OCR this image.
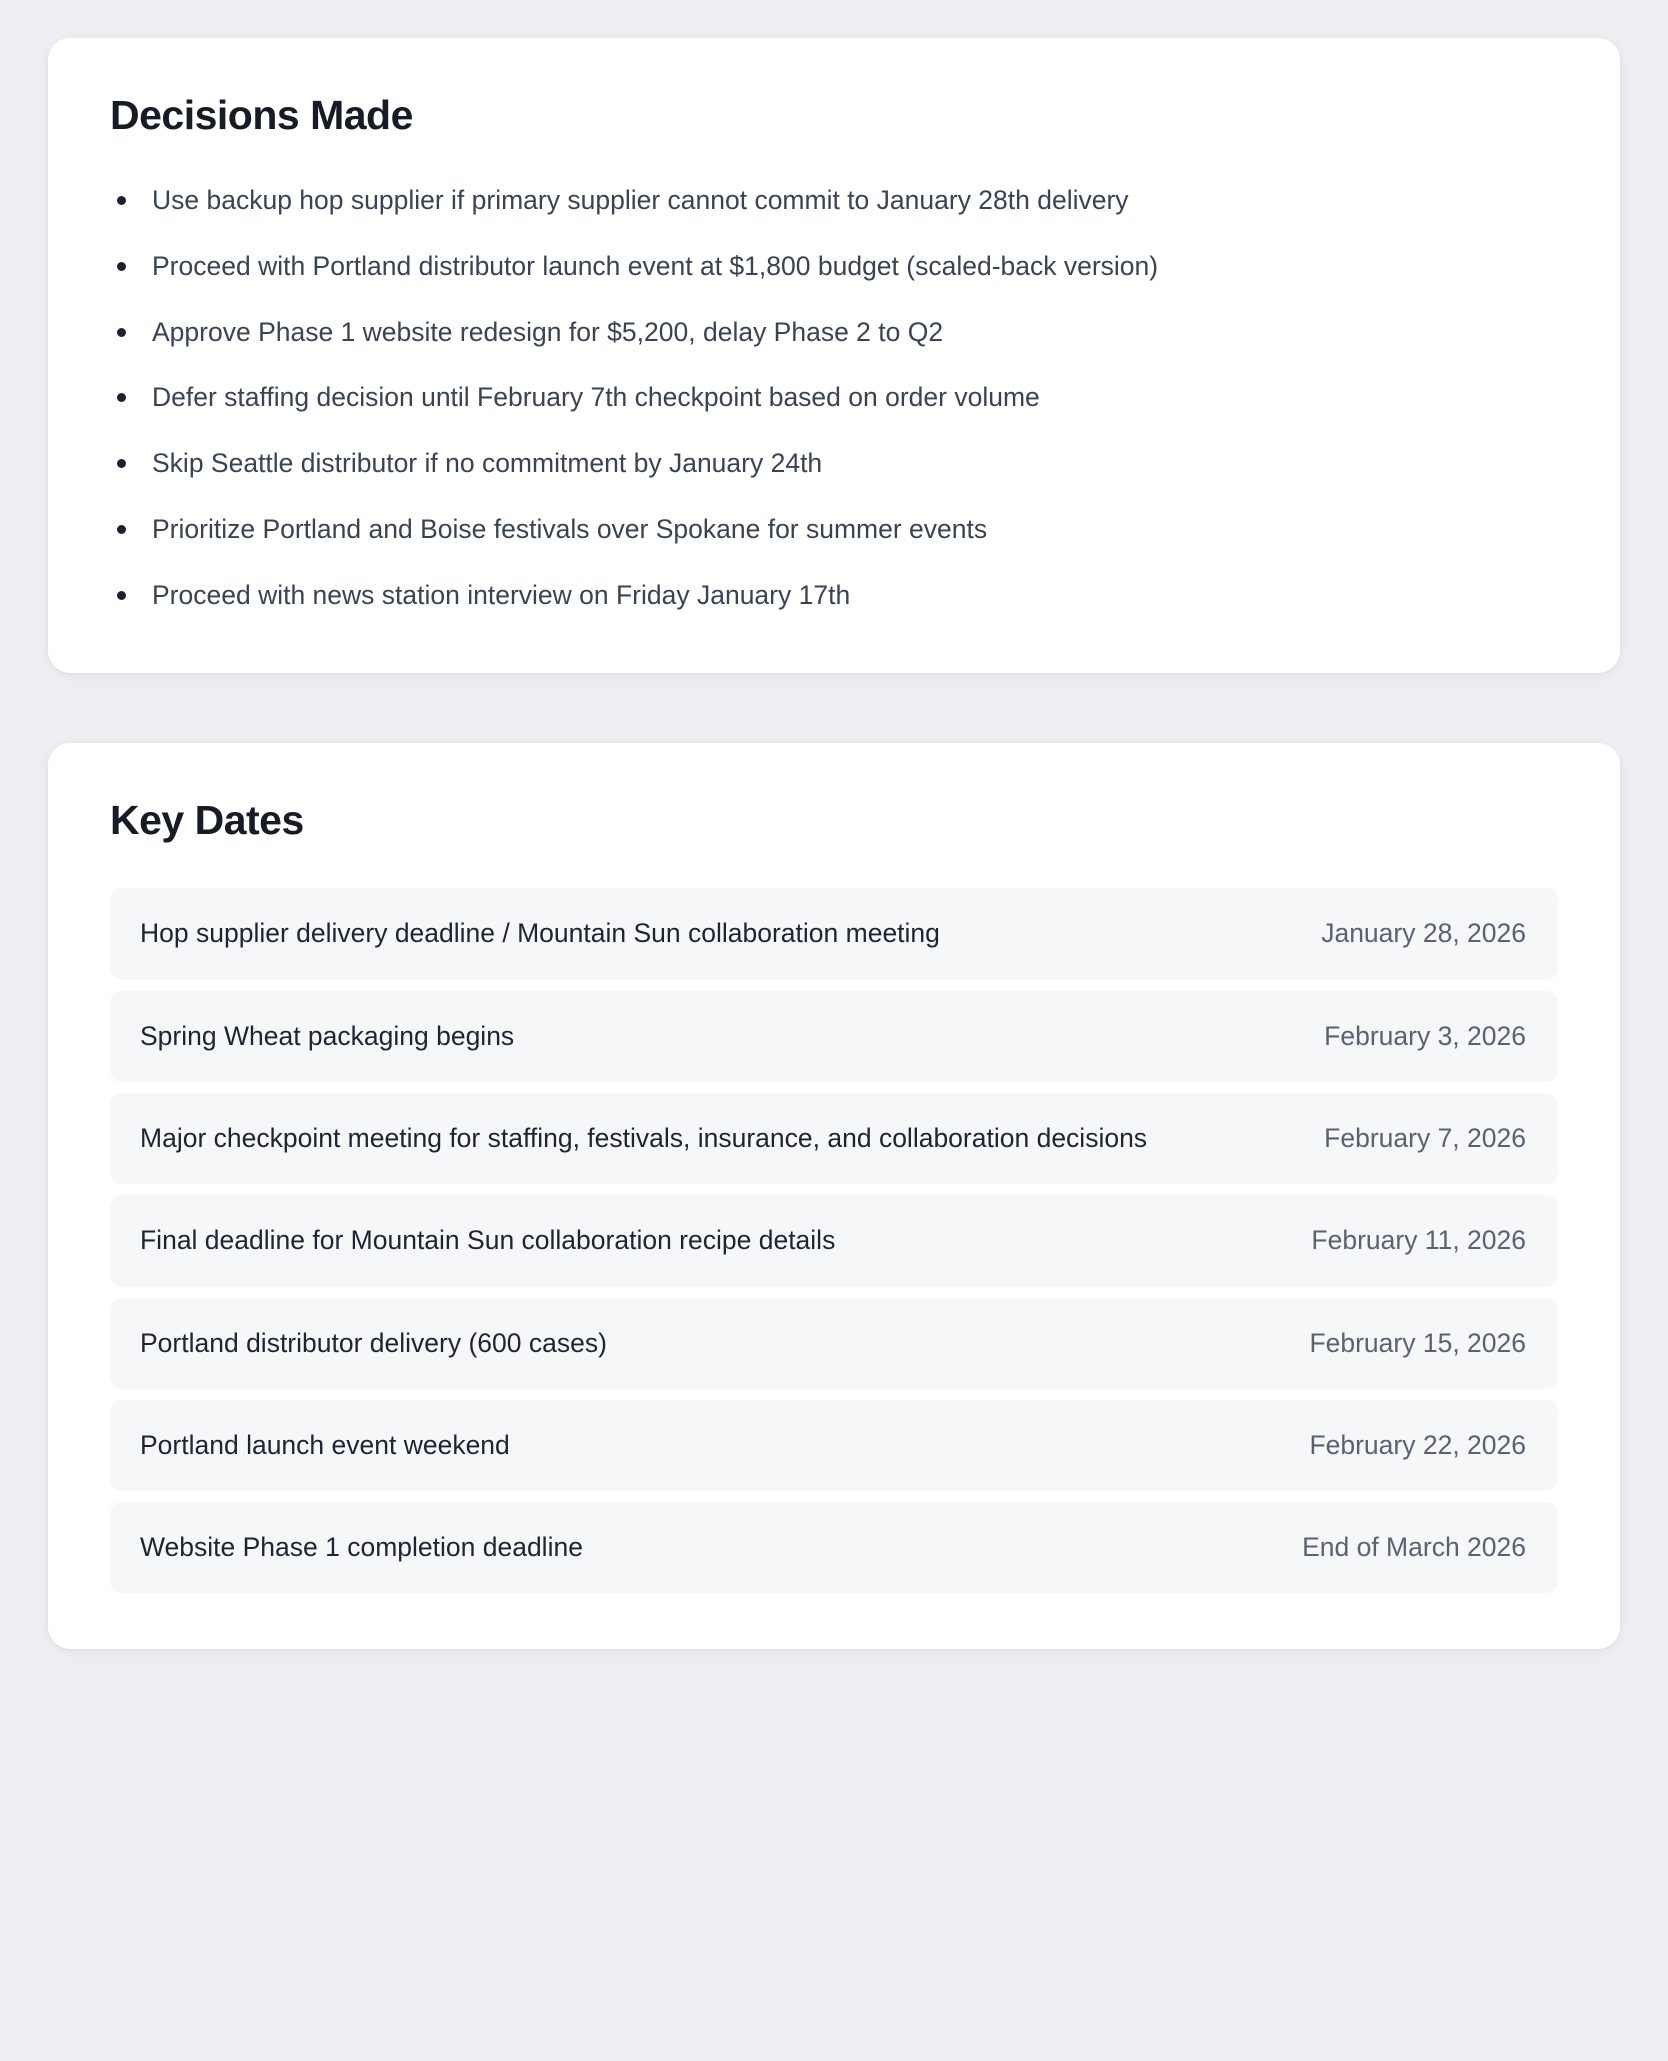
Decisions Made
Use backup hop supplier if primary supplier cannot commit to January 28th delivery
Proceed with Portland distributor launch event at $1,800 budget (scaled-back version)
Approve Phase 1 website redesign for $5,200, delay Phase 2 to Q2
Defer staffing decision until February 7th checkpoint based on order volume
Skip Seattle distributor if no commitment by January 24th
Prioritize Portland and Boise festivals over Spokane for summer events
Proceed with news station interview on Friday January 17th
Key Dates
Hop supplier delivery deadline / Mountain Sun collaboration meeting	January 28, 2026
Spring Wheat packaging begins	February 3, 2026
Major checkpoint meeting for staffing, festivals, insurance, and collaboration decisions	February 7, 2026
Final deadline for Mountain Sun collaboration recipe details	February 11, 2026
Portland distributor delivery (600 cases)	February 15, 2026
Portland launch event weekend	February 22, 2026
Website Phase 1 completion deadline	End of March 2026
